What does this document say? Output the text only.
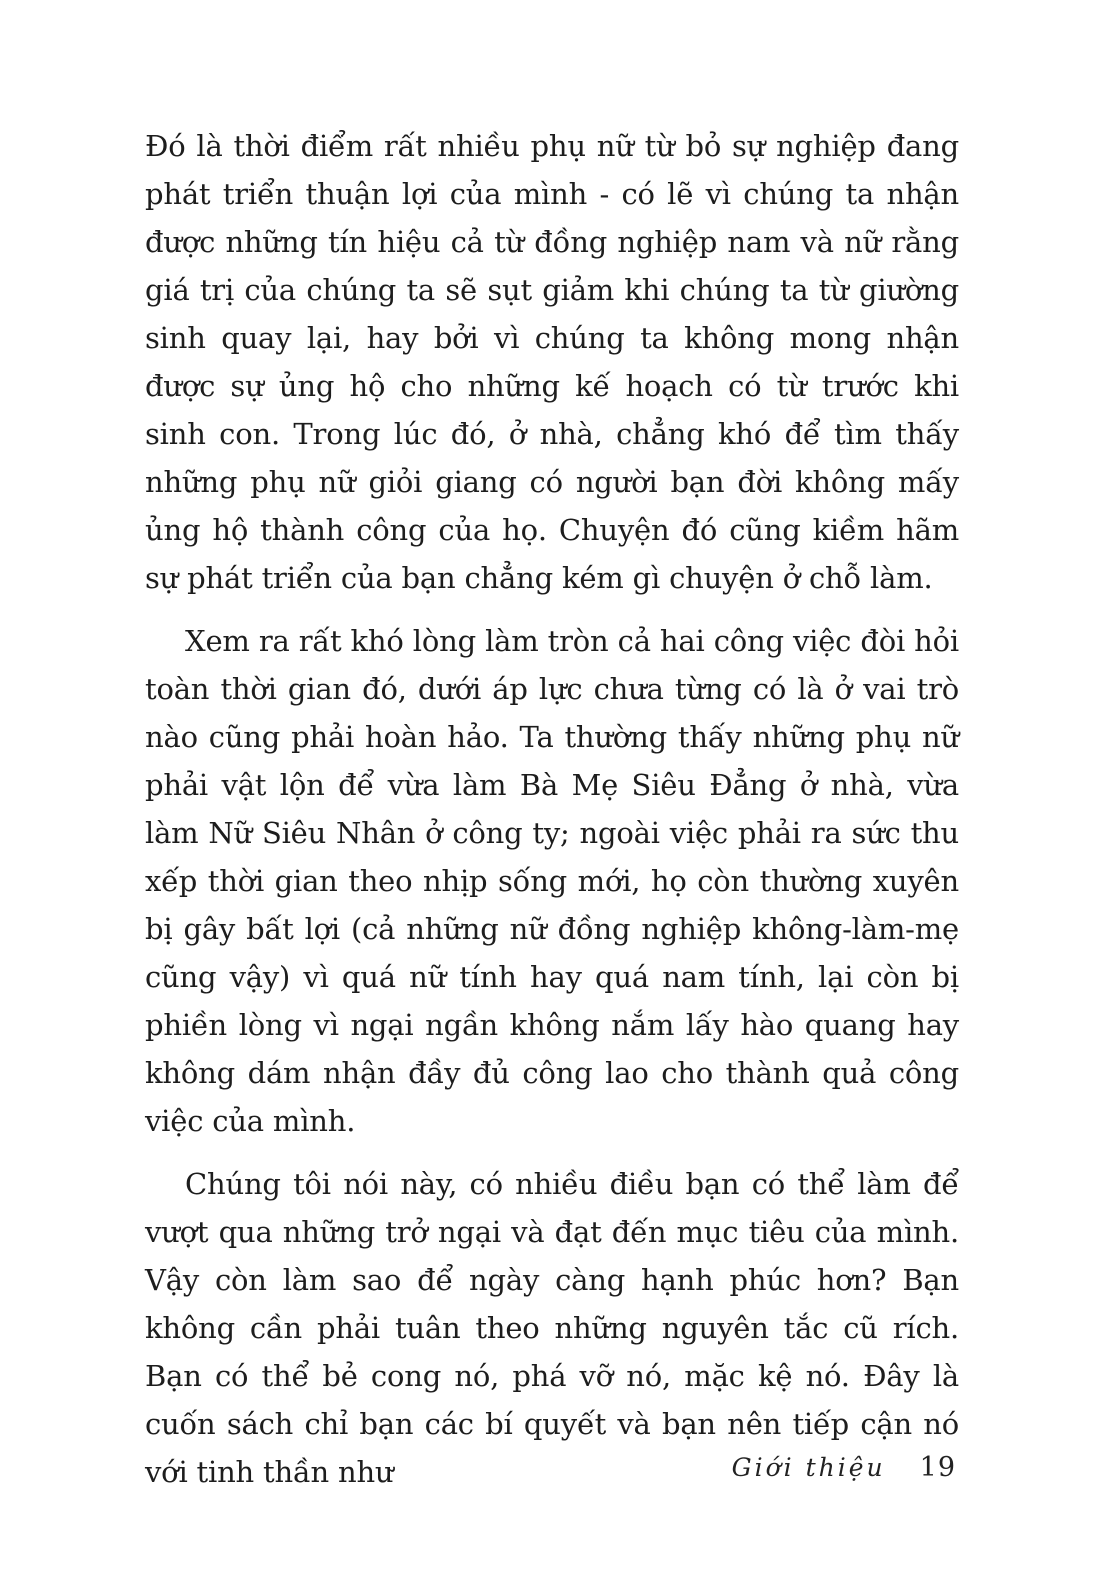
Đó là thời điểm rất nhiều phụ nữ từ bỏ sự nghiệp đang phát triển thuận lợi của mình - có lẽ vì chúng ta nhận được những tín hiệu cả từ đồng nghiệp nam và nữ rằng giá trị của chúng ta sẽ sụt giảm khi chúng ta từ giường sinh quay lại, hay bởi vì chúng ta không mong nhận được sự ủng hộ cho những kế hoạch có từ trước khi sinh con. Trong lúc đó, ở nhà, chẳng khó để tìm thấy những phụ nữ giỏi giang có người bạn đời không mấy ủng hộ thành công của họ. Chuyện đó cũng kiềm hãm sự phát triển của bạn chẳng kém gì chuyện ở chỗ làm.

Xem ra rất khó lòng làm tròn cả hai công việc đòi hỏi toàn thời gian đó, dưới áp lực chưa từng có là ở vai trò nào cũng phải hoàn hảo. Ta thường thấy những phụ nữ phải vật lộn để vừa làm Bà Mẹ Siêu Đẳng ở nhà, vừa làm Nữ Siêu Nhân ở công ty; ngoài việc phải ra sức thu xếp thời gian theo nhịp sống mới, họ còn thường xuyên bị gây bất lợi (cả những nữ đồng nghiệp không-làm-mẹ cũng vậy) vì quá nữ tính hay quá nam tính, lại còn bị phiền lòng vì ngại ngần không nắm lấy hào quang hay không dám nhận đầy đủ công lao cho thành quả công việc của mình.

Chúng tôi nói này, có nhiều điều bạn có thể làm để vượt qua những trở ngại và đạt đến mục tiêu của mình. Vậy còn làm sao để ngày càng hạnh phúc hơn? Bạn không cần phải tuân theo những nguyên tắc cũ rích. Bạn có thể bẻ cong nó, phá vỡ nó, mặc kệ nó. Đây là cuốn sách chỉ bạn các bí quyết và bạn nên tiếp cận nó với tinh thần như	Giới thiệu 19
